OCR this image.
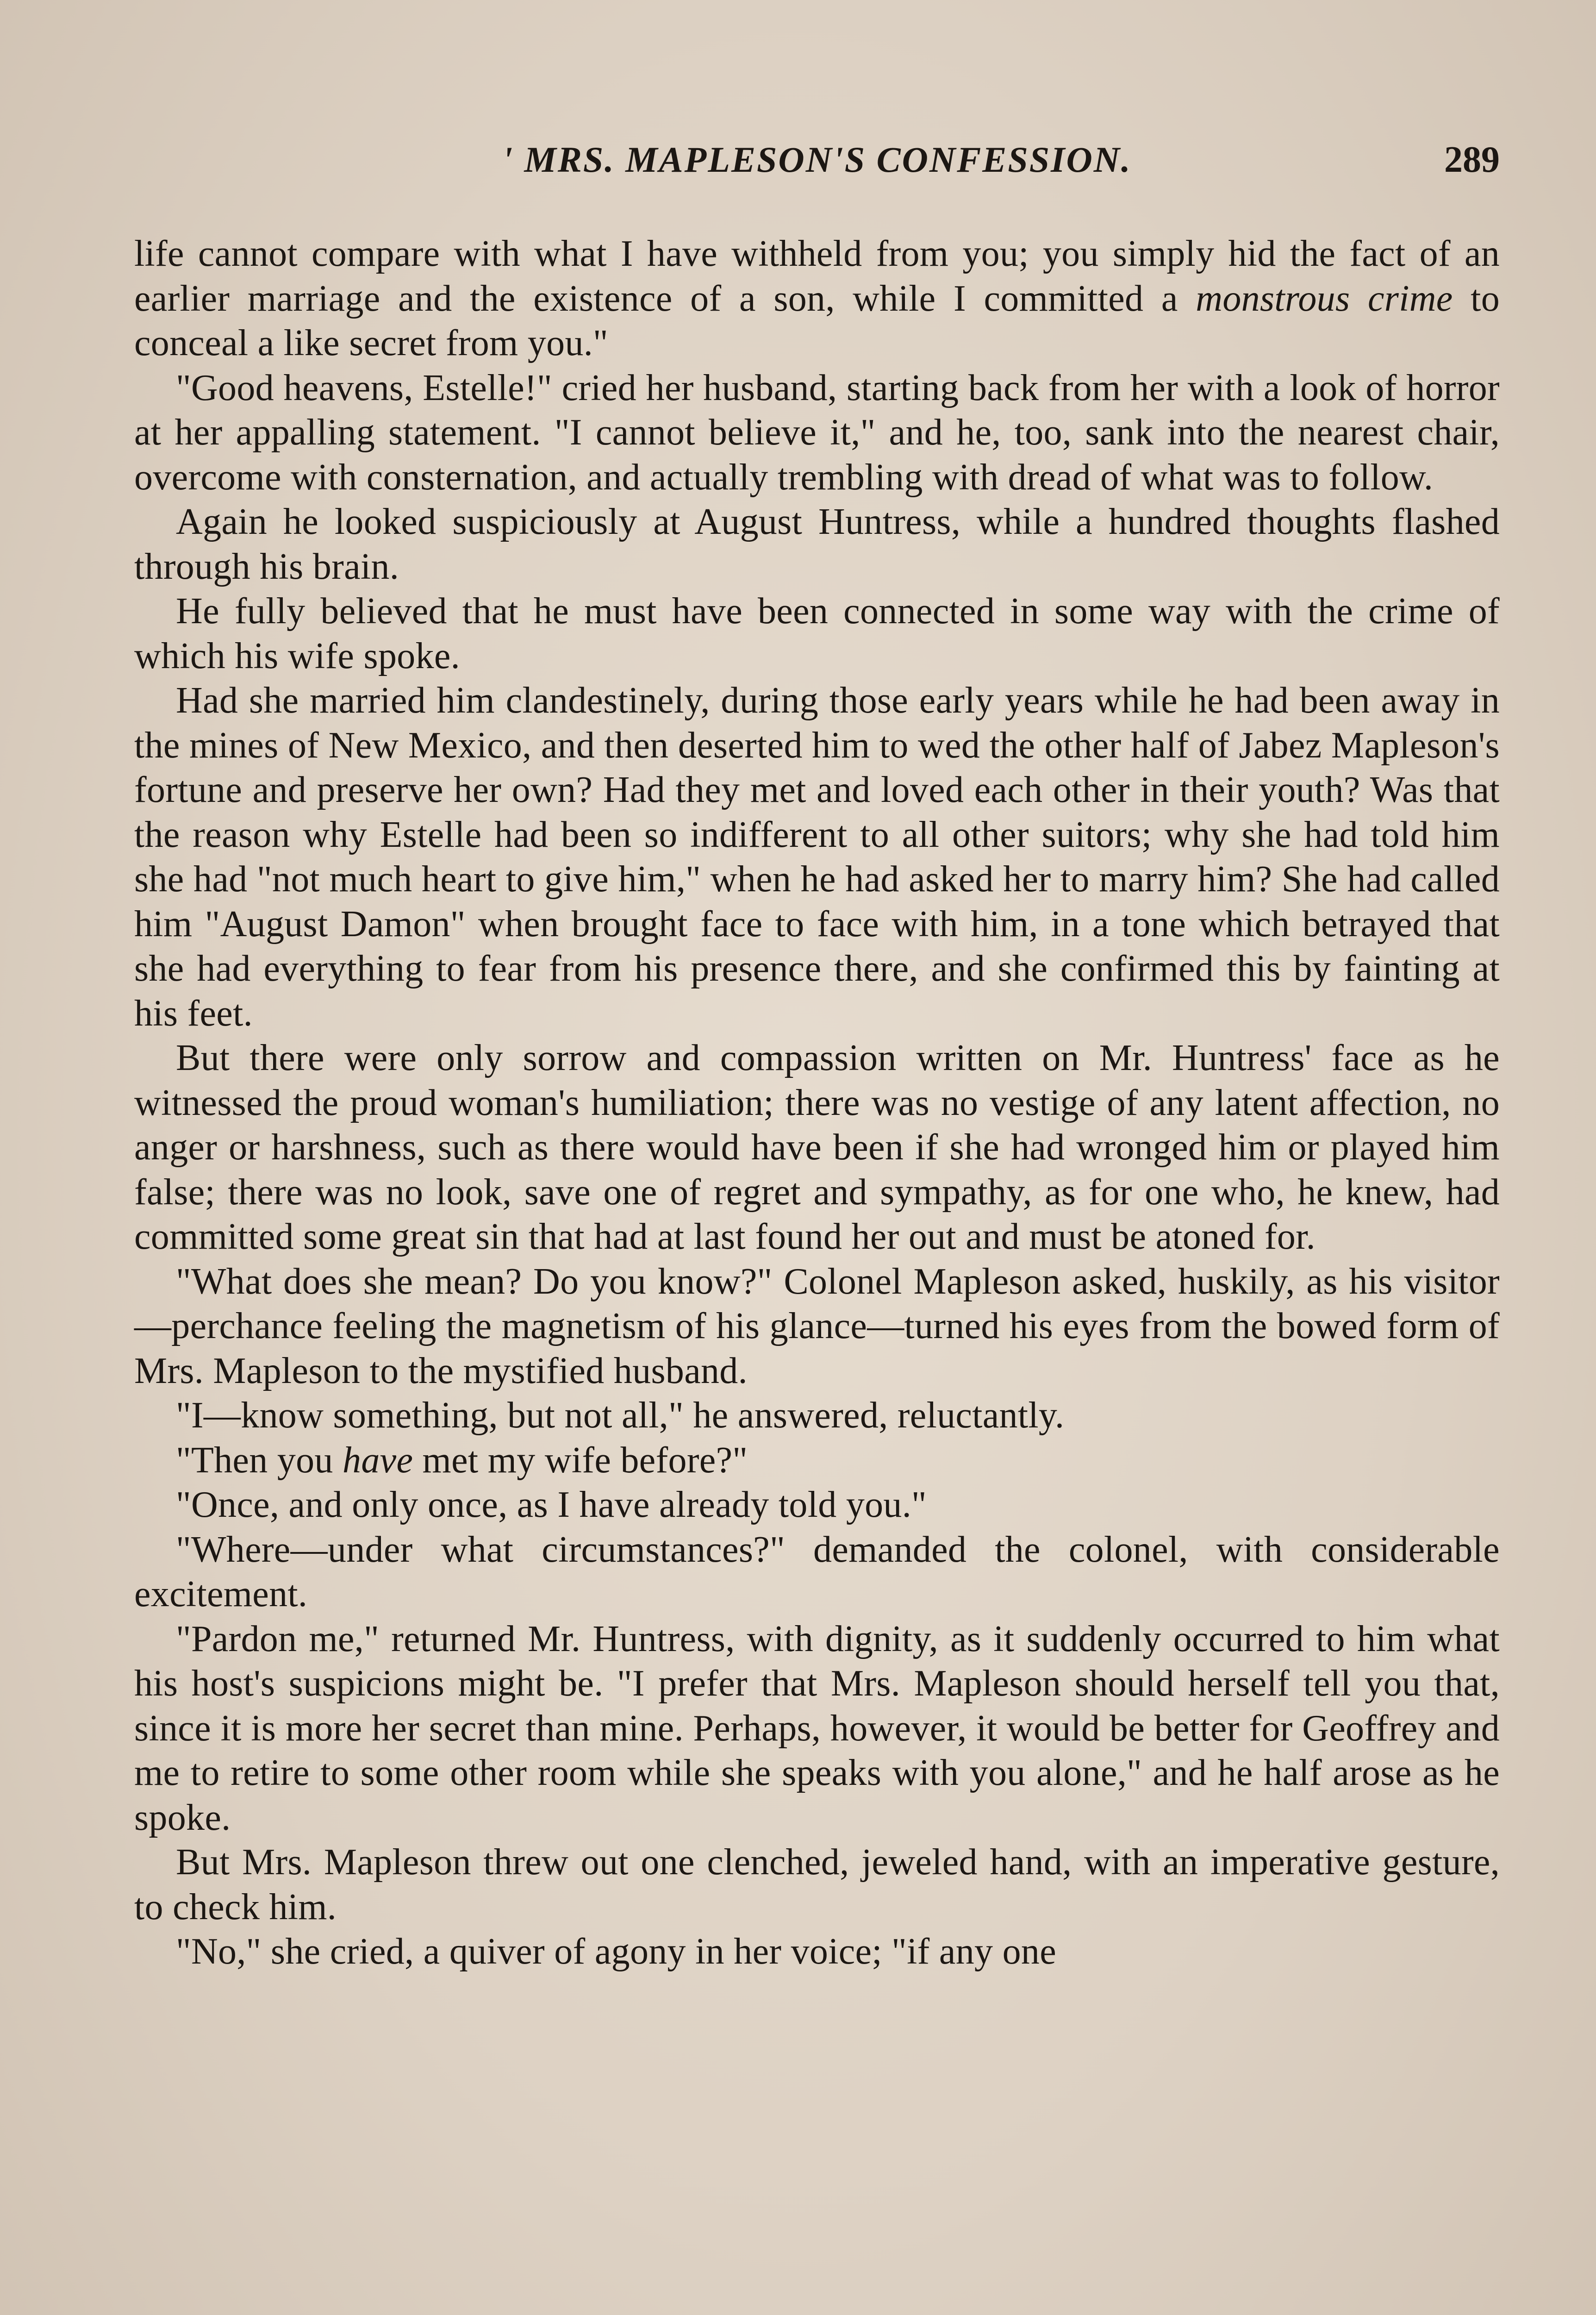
' MRS. MAPLESON'S CONFESSION.	289

life cannot compare with what I have withheld from you; you simply hid the fact of an earlier marriage and the existence of a son, while I committed a monstrous crime to conceal a like secret from you."

"Good heavens, Estelle!" cried her husband, starting back from her with a look of horror at her appalling statement. "I cannot believe it," and he, too, sank into the nearest chair, overcome with consternation, and actually trembling with dread of what was to follow.

Again he looked suspiciously at August Huntress, while a hundred thoughts flashed through his brain.

He fully believed that he must have been connected in some way with the crime of which his wife spoke.

Had she married him clandestinely, during those early years while he had been away in the mines of New Mexico, and then deserted him to wed the other half of Jabez Mapleson's fortune and preserve her own? Had they met and loved each other in their youth? Was that the reason why Estelle had been so indifferent to all other suitors; why she had told him she had "not much heart to give him," when he had asked her to marry him? She had called him "August Damon" when brought face to face with him, in a tone which betrayed that she had everything to fear from his presence there, and she confirmed this by fainting at his feet.

But there were only sorrow and compassion written on Mr. Huntress' face as he witnessed the proud woman's humiliation; there was no vestige of any latent affection, no anger or harshness, such as there would have been if she had wronged him or played him false; there was no look, save one of regret and sympathy, as for one who, he knew, had committed some great sin that had at last found her out and must be atoned for.

"What does she mean? Do you know?" Colonel Mapleson asked, huskily, as his visitor—perchance feeling the magnetism of his glance—turned his eyes from the bowed form of Mrs. Mapleson to the mystified husband.

"I—know something, but not all," he answered, reluctantly.

"Then you have met my wife before?"

"Once, and only once, as I have already told you."

"Where—under what circumstances?" demanded the colonel, with considerable excitement.

"Pardon me," returned Mr. Huntress, with dignity, as it suddenly occurred to him what his host's suspicions might be. "I prefer that Mrs. Mapleson should herself tell you that, since it is more her secret than mine. Perhaps, however, it would be better for Geoffrey and me to retire to some other room while she speaks with you alone," and he half arose as he spoke.

But Mrs. Mapleson threw out one clenched, jeweled hand, with an imperative gesture, to check him.

"No," she cried, a quiver of agony in her voice; "if any one
